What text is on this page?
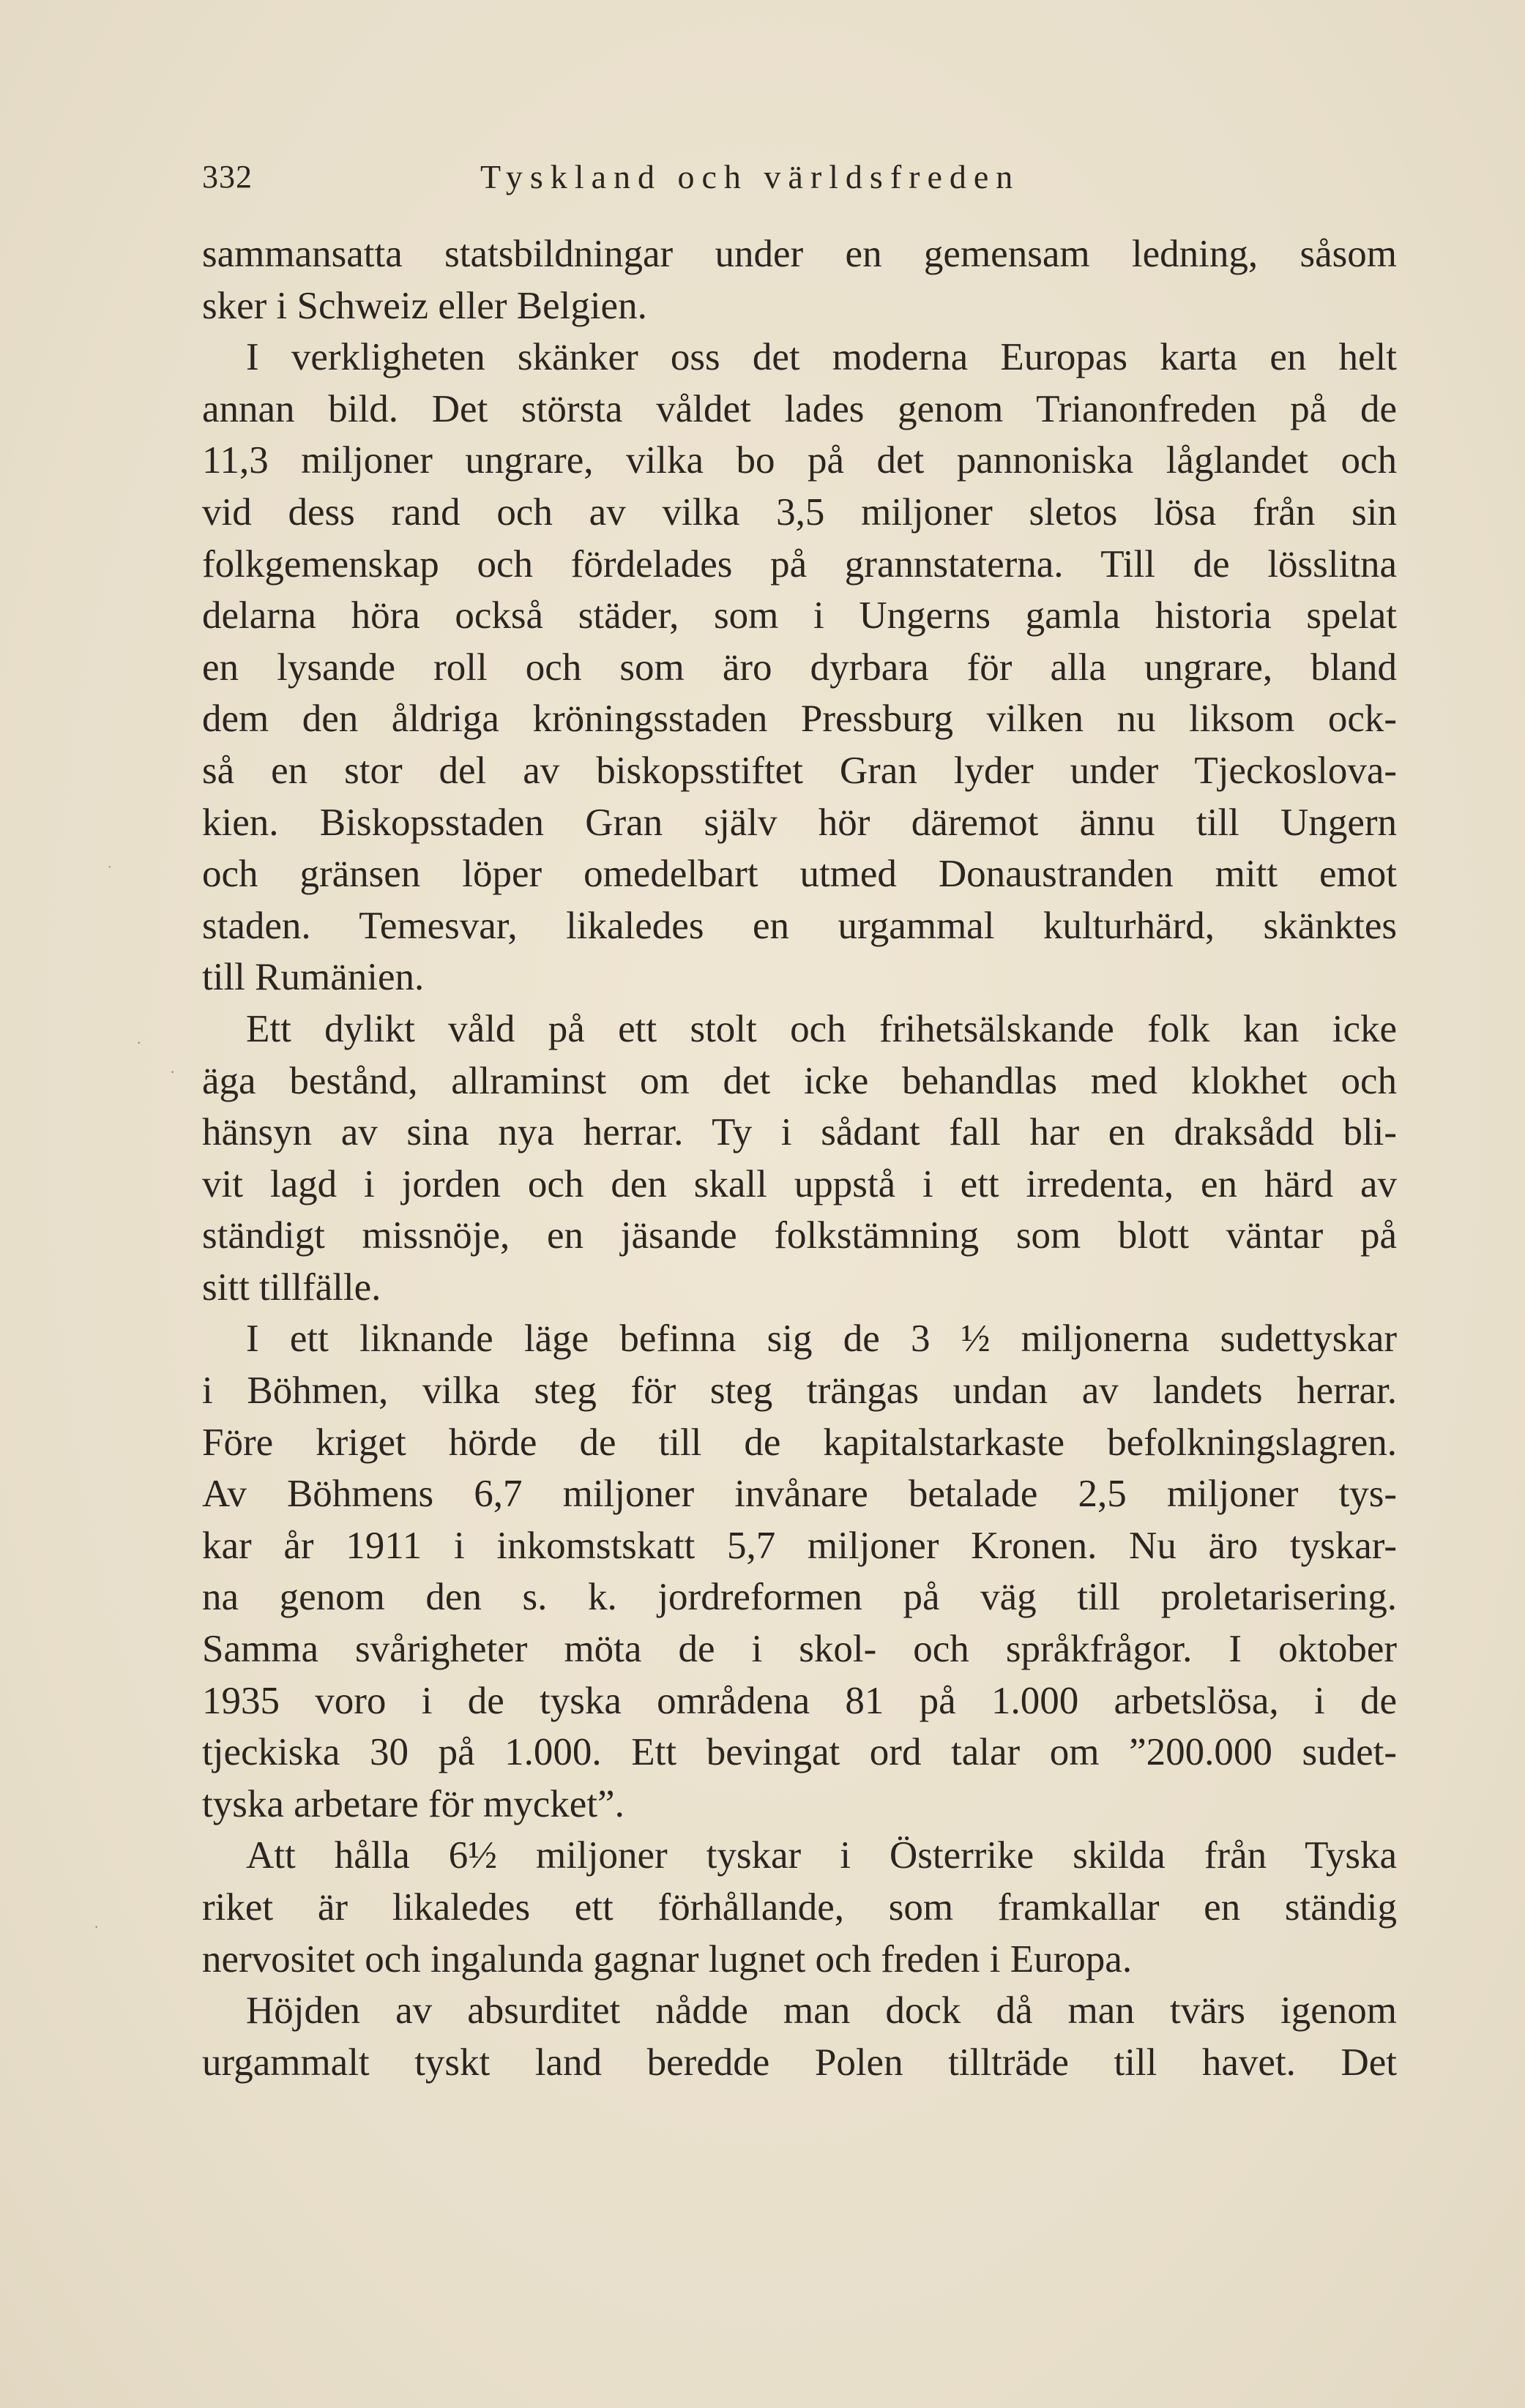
332	Tyskland och världsfreden

sammansatta statsbildningar under en gemensam ledning, såsom
sker i Schweiz eller Belgien.

I verkligheten skänker oss det moderna Europas karta en helt
annan bild. Det största våldet lades genom Trianonfreden på de
11,3 miljoner ungrare, vilka bo på det pannoniska låglandet och
vid dess rand och av vilka 3,5 miljoner sletos lösa från sin
folkgemenskap och fördelades på grannstaterna. Till de lösslitna
delarna höra också städer, som i Ungerns gamla historia spelat
en lysande roll och som äro dyrbara för alla ungrare, bland
dem den åldriga kröningsstaden Pressburg vilken nu liksom ock-
så en stor del av biskopsstiftet Gran lyder under Tjeckoslova-
kien. Biskopsstaden Gran själv hör däremot ännu till Ungern
och gränsen löper omedelbart utmed Donaustranden mitt emot
staden. Temesvar, likaledes en urgammal kulturhärd, skänktes
till Rumänien.

Ett dylikt våld på ett stolt och frihetsälskande folk kan icke
äga bestånd, allraminst om det icke behandlas med klokhet och
hänsyn av sina nya herrar. Ty i sådant fall har en draksådd bli-
vit lagd i jorden och den skall uppstå i ett irredenta, en härd av
ständigt missnöje, en jäsande folkstämning som blott väntar på
sitt tillfälle.

I ett liknande läge befinna sig de 3 ½ miljonerna sudettyskar
i Böhmen, vilka steg för steg trängas undan av landets herrar.
Före kriget hörde de till de kapitalstarkaste befolkningslagren.
Av Böhmens 6,7 miljoner invånare betalade 2,5 miljoner tys-
kar år 1911 i inkomstskatt 5,7 miljoner Kronen. Nu äro tyskar-
na genom den s. k. jordreformen på väg till proletarisering.
Samma svårigheter möta de i skol- och språkfrågor. I oktober
1935 voro i de tyska områdena 81 på 1.000 arbetslösa, i de
tjeckiska 30 på 1.000. Ett bevingat ord talar om ”200.000 sudet-
tyska arbetare för mycket”.

Att hålla 6½ miljoner tyskar i Österrike skilda från Tyska
riket är likaledes ett förhållande, som framkallar en ständig
nervositet och ingalunda gagnar lugnet och freden i Europa.

Höjden av absurditet nådde man dock då man tvärs igenom
urgammalt tyskt land beredde Polen tillträde till havet. Det

˙
·
·
·
